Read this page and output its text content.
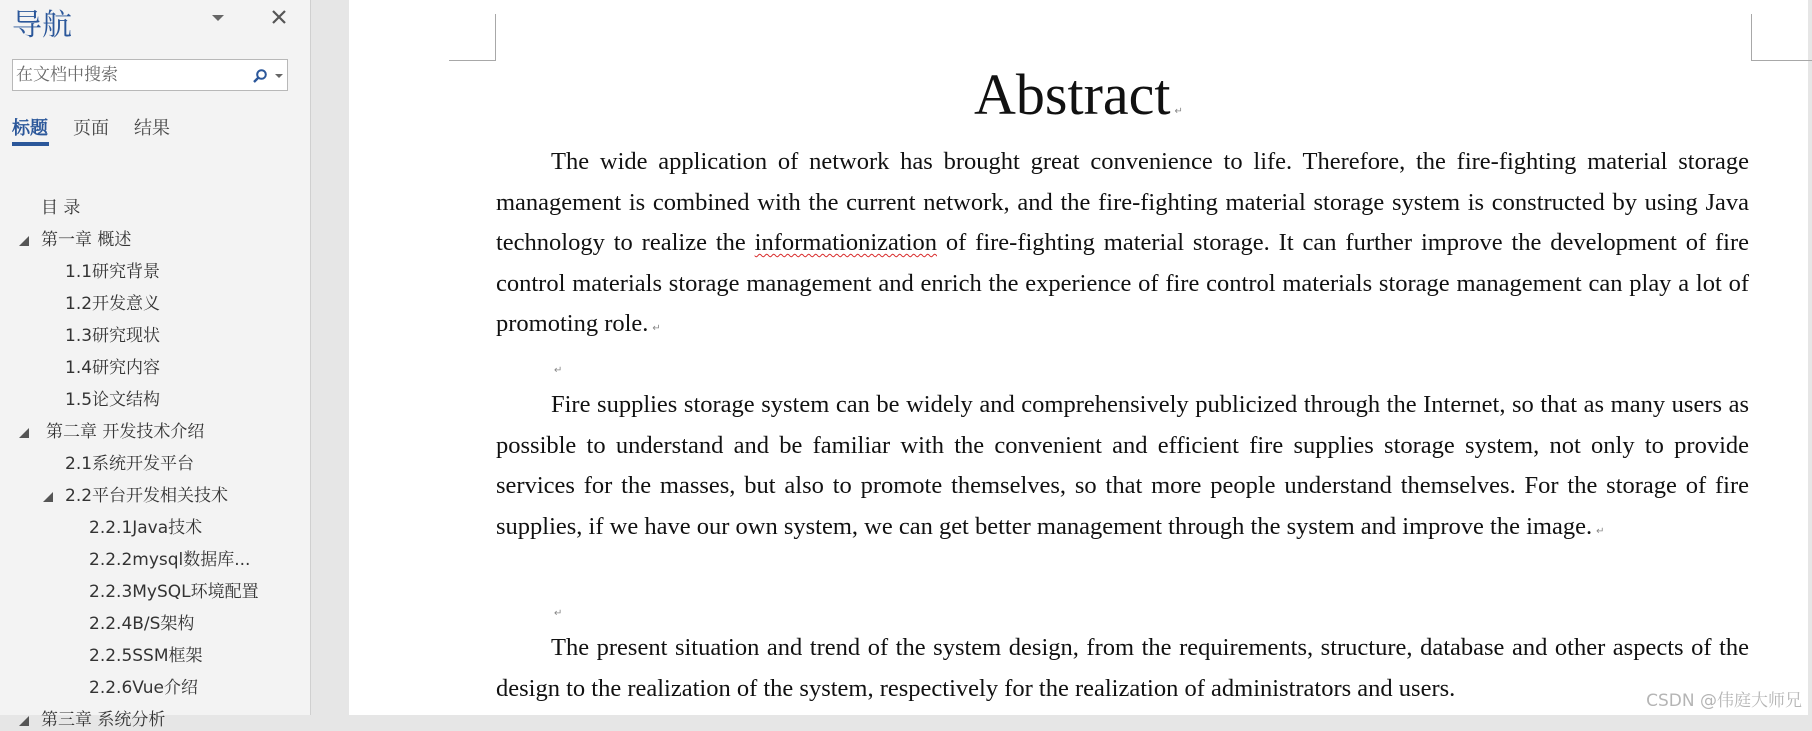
导航
在文档中搜索
标题 页面 结果
目 录
第一章 概述
1.1研究背景
1.2开发意义
1.3研究现状
1.4研究内容
1.5论文结构
第二章 开发技术介绍
2.1系统开发平台
2.2平台开发相关技术
2.2.1Java技术
2.2.2mysql数据库...
2.2.3MySQL环境配置
2.2.4B/S架构
2.2.5SSM框架
2.2.6Vue介绍
第三章 系统分析
Abstract ↵
The wide application of network has brought great convenience to life. Therefore, the fire-fighting material storage management is combined with the current network, and the fire-fighting material storage system is constructed by using Java technology to realize the informationization of fire-fighting material storage. It can further improve the development of fire control materials storage management and enrich the experience of fire control materials storage management can play a lot of promoting role. ↵
↵
Fire supplies storage system can be widely and comprehensively publicized through the Internet, so that as many users as possible to understand and be familiar with the convenient and efficient fire supplies storage system, not only to provide services for the masses, but also to promote themselves, so that more people understand themselves. For the storage of fire supplies, if we have our own system, we can get better management through the system and improve the image. ↵
↵
The present situation and trend of the system design, from the requirements, structure, database and other aspects of the design to the realization of the system, respectively for the realization of administrators and users.	CSDN @伟庭大师兄
